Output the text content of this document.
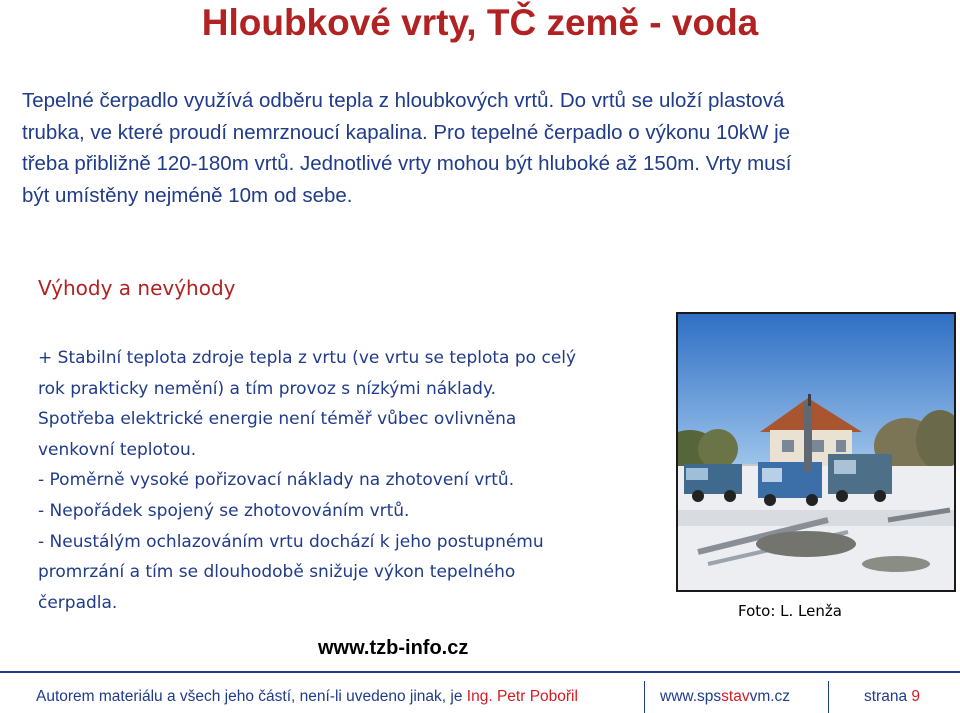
Hloubkové vrty, TČ země - voda
Tepelné čerpadlo využívá odběru tepla z hloubkových vrtů. Do vrtů se uloží plastová
trubka, ve které proudí nemrznoucí kapalina. Pro tepelné čerpadlo o výkonu 10kW je
třeba přibližně 120-180m vrtů. Jednotlivé vrty mohou být hluboké až 150m. Vrty musí
být umístěny nejméně 10m od sebe.
Výhody a nevýhody
+ Stabilní teplota zdroje tepla z vrtu (ve vrtu se teplota po celý
rok prakticky nemění) a tím provoz s nízkými náklady.
Spotřeba elektrické energie není téměř vůbec ovlivněna
venkovní teplotou.
- Poměrně vysoké pořizovací náklady na zhotovení vrtů.
- Nepořádek spojený se zhotovováním vrtů.
- Neustálým ochlazováním vrtu dochází k jeho postupnému
promrzání a tím se dlouhodobě snižuje výkon tepelného
čerpadla.	Foto: L. Lenža
www.tzb-info.cz
Autorem materiálu a všech jeho částí, není-li uvedeno jinak, je Ing. Petr Pobořil	www.spsstavvm.cz	strana 9
